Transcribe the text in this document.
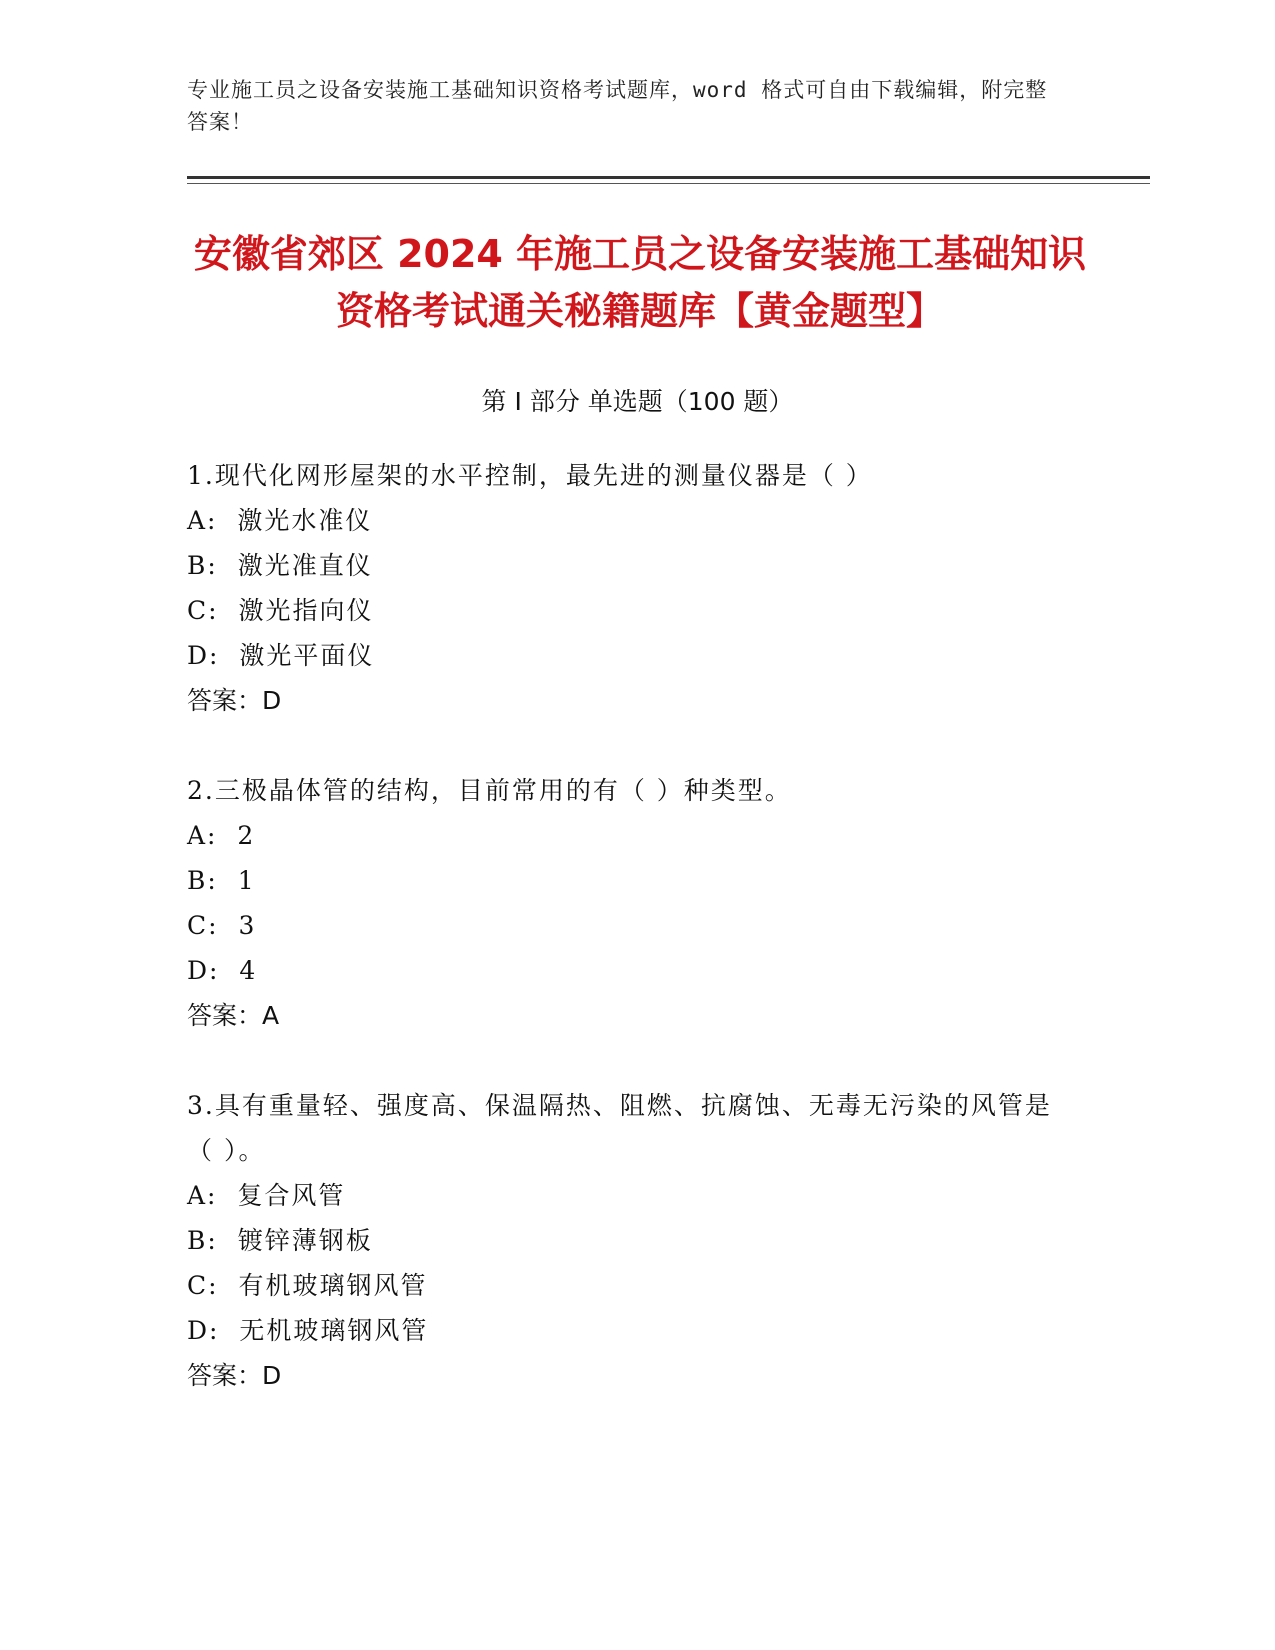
专业施工员之设备安装施工基础知识资格考试题库，word 格式可自由下载编辑，附完整答案！
安徽省郊区 2024 年施工员之设备安装施工基础知识资格考试通关秘籍题库【黄金题型】
第 I 部分 单选题（100 题）
1.现代化网形屋架的水平控制，最先进的测量仪器是（ ）
A:  激光水准仪
B:  激光准直仪
C:  激光指向仪
D:  激光平面仪
答案：D
2.三极晶体管的结构，目前常用的有（ ）种类型。
A:  2
B:  1
C:  3
D:  4
答案：A
3.具有重量轻、强度高、保温隔热、阻燃、抗腐蚀、无毒无污染的风管是（ ）。
A:  复合风管
B:  镀锌薄钢板
C:  有机玻璃钢风管
D:  无机玻璃钢风管
答案：D
